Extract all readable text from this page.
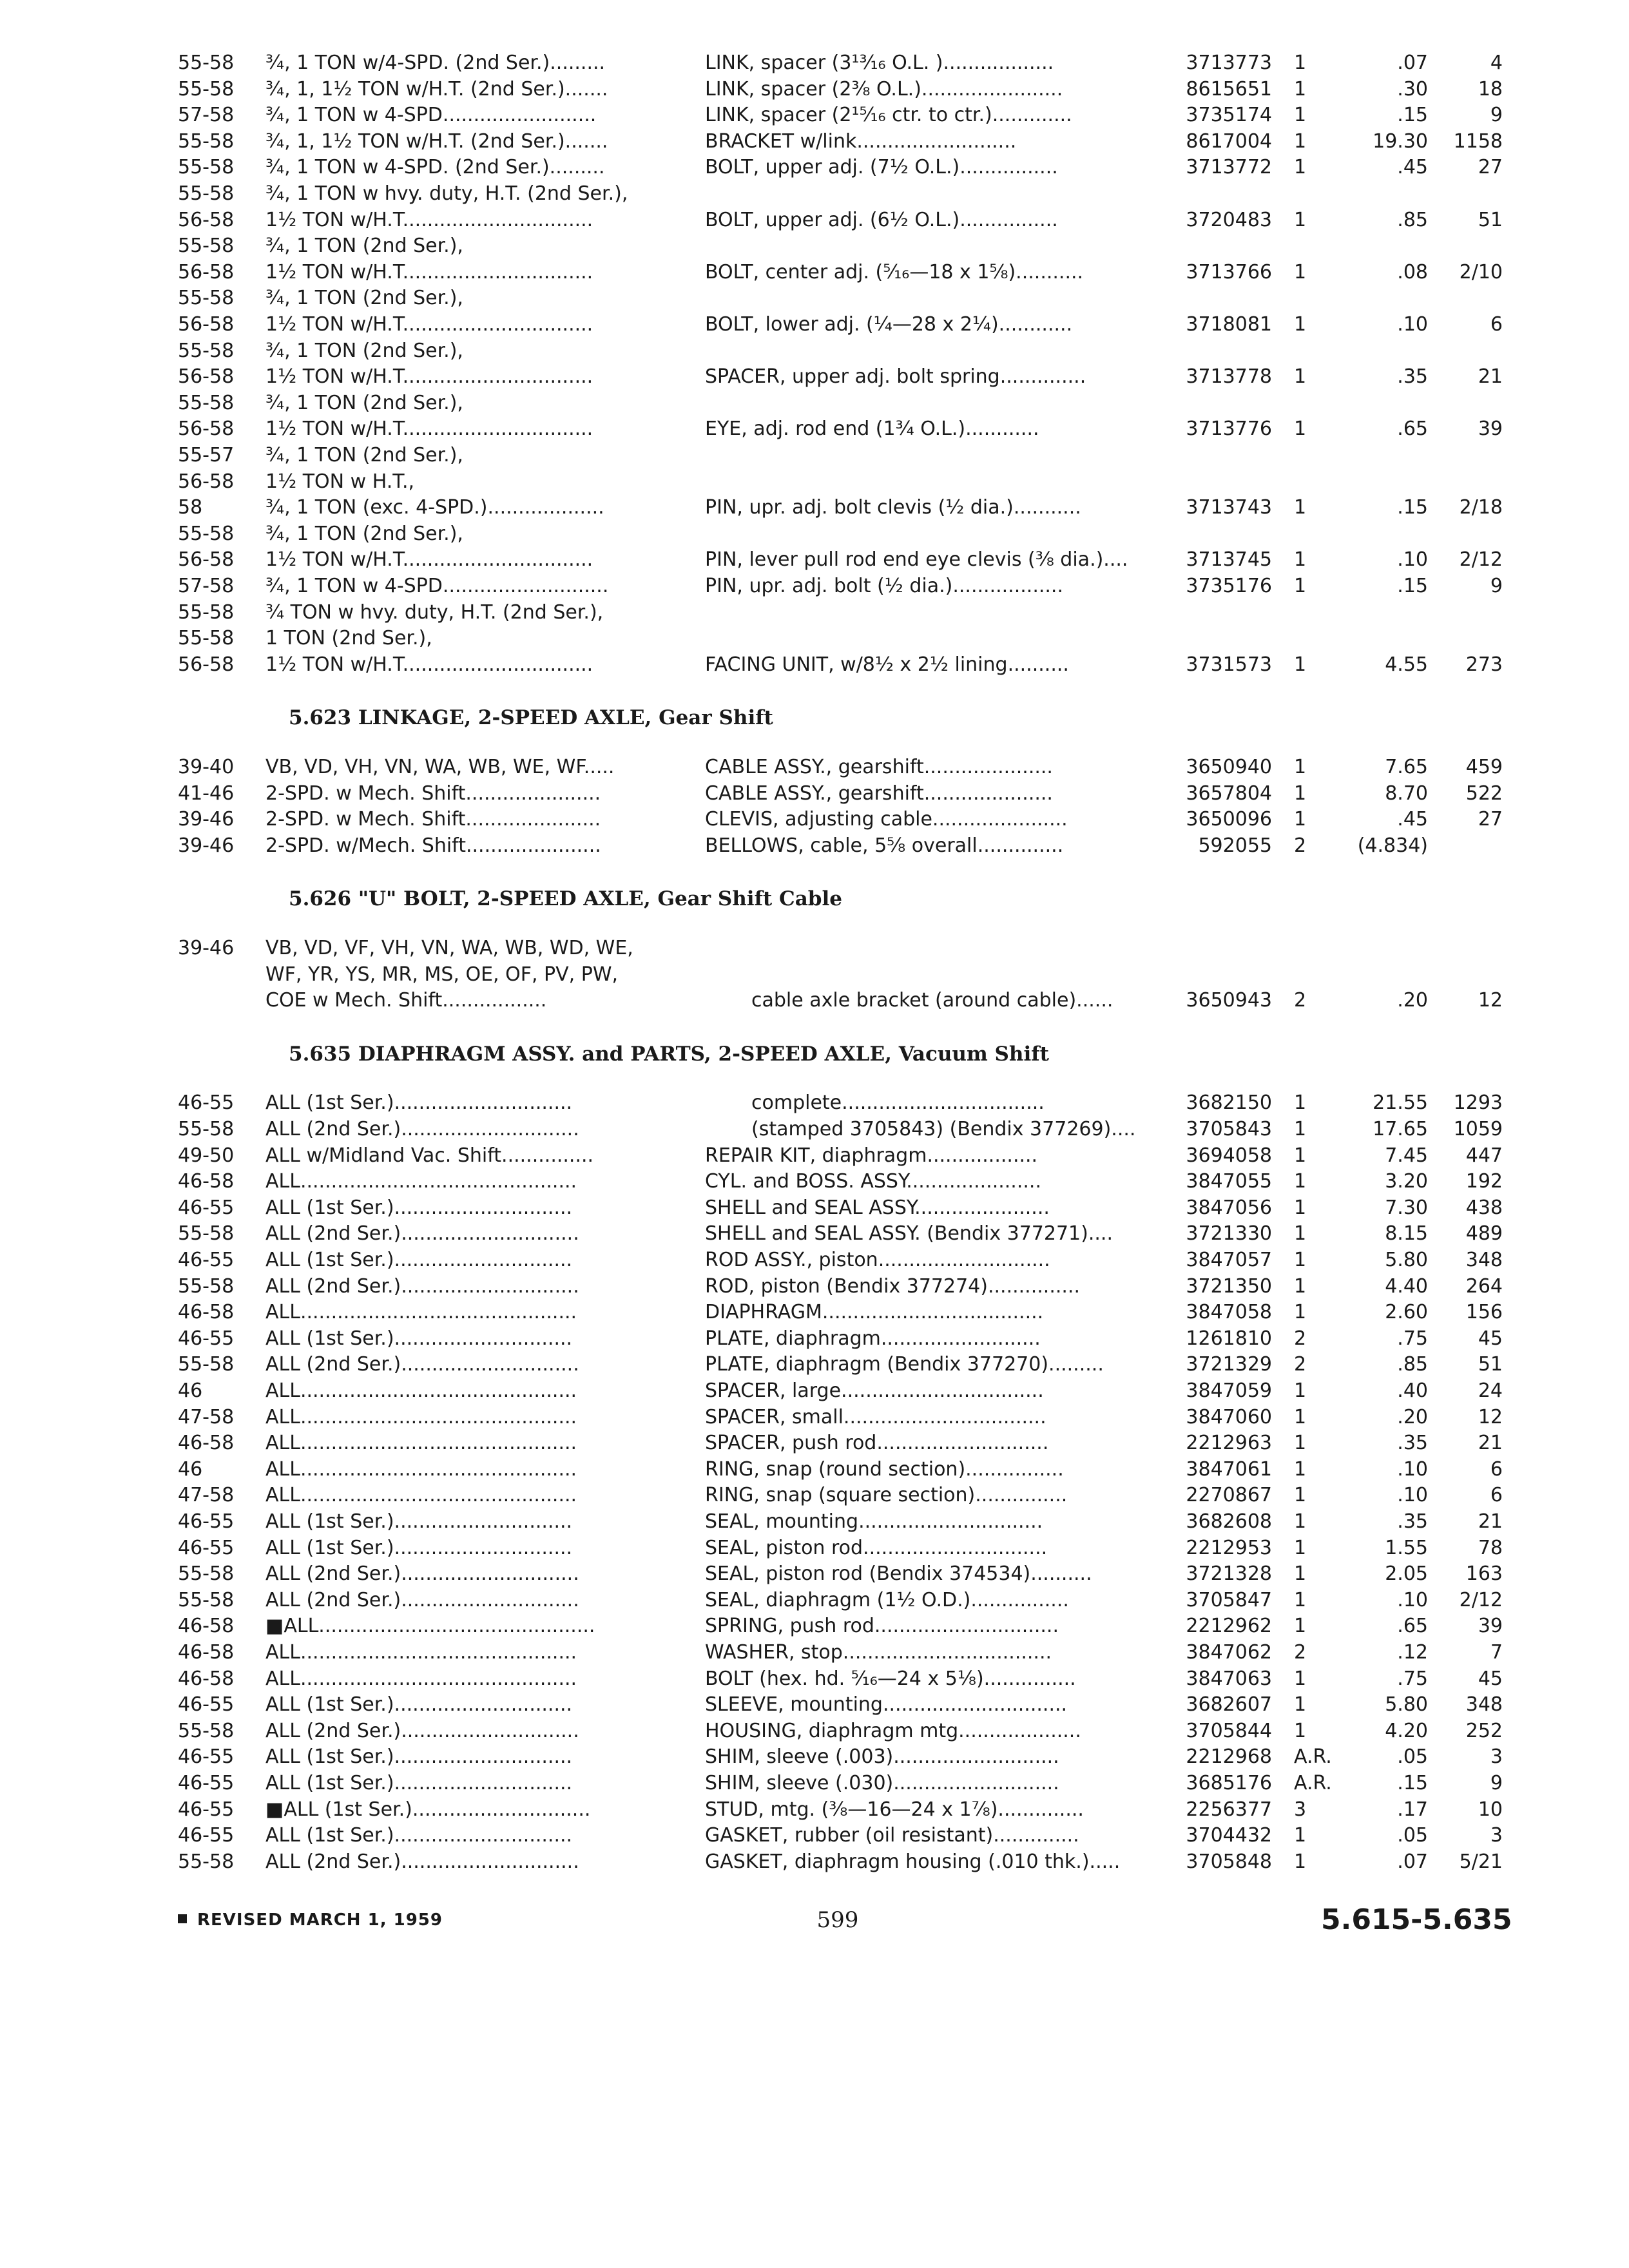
55-58	¾, 1 TON w/4-SPD. (2nd Ser.).........	LINK, spacer (3¹³⁄₁₆ O.L. )..................	3713773 1	.07	4
55-58	¾, 1, 1½ TON w/H.T. (2nd Ser.).......	LINK, spacer (2⅜ O.L.).......................	8615651 1	.30	18
57-58	¾, 1 TON w 4-SPD.........................	LINK, spacer (2¹⁵⁄₁₆ ctr. to ctr.).............	3735174 1	.15	9
55-58	¾, 1, 1½ TON w/H.T. (2nd Ser.).......	BRACKET w/link..........................	8617004 1	19.30	1158
55-58	¾, 1 TON w 4-SPD. (2nd Ser.).........	BOLT, upper adj. (7½ O.L.)................	3713772 1	.45	27
55-58	¾, 1 TON w hvy. duty, H.T. (2nd Ser.),
56-58	1½ TON w/H.T...............................	BOLT, upper adj. (6½ O.L.)................	3720483 1	.85	51
55-58	¾, 1 TON (2nd Ser.),
56-58	1½ TON w/H.T...............................	BOLT, center adj. (⁵⁄₁₆—18 x 1⁵⁄₈)...........	3713766 1	.08	2/10
55-58	¾, 1 TON (2nd Ser.),
56-58	1½ TON w/H.T...............................	BOLT, lower adj. (¼—28 x 2¼)............	3718081 1	.10	6
55-58	¾, 1 TON (2nd Ser.),
56-58	1½ TON w/H.T...............................	SPACER, upper adj. bolt spring..............	3713778 1	.35	21
55-58	¾, 1 TON (2nd Ser.),
56-58	1½ TON w/H.T...............................	EYE, adj. rod end (1¾ O.L.)............	3713776 1	.65	39
55-57	¾, 1 TON (2nd Ser.),
56-58	1½ TON w H.T.,
58	¾, 1 TON (exc. 4-SPD.)...................	PIN, upr. adj. bolt clevis (½ dia.)...........	3713743 1	.15	2/18
55-58	¾, 1 TON (2nd Ser.),
56-58	1½ TON w/H.T...............................	PIN, lever pull rod end eye clevis (⅜ dia.)....	3713745 1	.10	2/12
57-58	¾, 1 TON w 4-SPD...........................	PIN, upr. adj. bolt (½ dia.)..................	3735176 1	.15	9
55-58	¾ TON w hvy. duty, H.T. (2nd Ser.),
55-58	1 TON (2nd Ser.),
56-58	1½ TON w/H.T...............................	FACING UNIT, w/8½ x 2½ lining..........	3731573 1	4.55	273
5.623 LINKAGE, 2-SPEED AXLE, Gear Shift
39-40	VB, VD, VH, VN, WA, WB, WE, WF.....	CABLE ASSY., gearshift.....................	3650940 1	7.65	459
41-46	2-SPD. w Mech. Shift......................	CABLE ASSY., gearshift.....................	3657804 1	8.70	522
39-46	2-SPD. w Mech. Shift......................	CLEVIS, adjusting cable......................	3650096 1	.45	27
39-46	2-SPD. w/Mech. Shift......................	BELLOWS, cable, 5⅝ overall..............	592055 2	(4.834)
5.626 "U" BOLT, 2-SPEED AXLE, Gear Shift Cable
39-46	VB, VD, VF, VH, VN, WA, WB, WD, WE,
WF, YR, YS, MR, MS, OE, OF, PV, PW,
COE w Mech. Shift.................	cable axle bracket (around cable)......	3650943 2	.20	12
5.635 DIAPHRAGM ASSY. and PARTS, 2-SPEED AXLE, Vacuum Shift
46-55	ALL (1st Ser.).............................	complete.................................	3682150 1	21.55	1293
55-58	ALL (2nd Ser.).............................	(stamped 3705843) (Bendix 377269)....	3705843 1	17.65	1059
49-50	ALL w/Midland Vac. Shift...............	REPAIR KIT, diaphragm..................	3694058 1	7.45	447
46-58	ALL.............................................	CYL. and BOSS. ASSY......................	3847055 1	3.20	192
46-55	ALL (1st Ser.).............................	SHELL and SEAL ASSY......................	3847056 1	7.30	438
55-58	ALL (2nd Ser.).............................	SHELL and SEAL ASSY. (Bendix 377271)....	3721330 1	8.15	489
46-55	ALL (1st Ser.).............................	ROD ASSY., piston............................	3847057 1	5.80	348
55-58	ALL (2nd Ser.).............................	ROD, piston (Bendix 377274)...............	3721350 1	4.40	264
46-58	ALL.............................................	DIAPHRAGM....................................	3847058 1	2.60	156
46-55	ALL (1st Ser.).............................	PLATE, diaphragm..........................	1261810 2	.75	45
55-58	ALL (2nd Ser.).............................	PLATE, diaphragm (Bendix 377270).........	3721329 2	.85	51
46	ALL.............................................	SPACER, large.................................	3847059 1	.40	24
47-58	ALL.............................................	SPACER, small.................................	3847060 1	.20	12
46-58	ALL.............................................	SPACER, push rod............................	2212963 1	.35	21
46	ALL.............................................	RING, snap (round section)................	3847061 1	.10	6
47-58	ALL.............................................	RING, snap (square section)...............	2270867 1	.10	6
46-55	ALL (1st Ser.).............................	SEAL, mounting..............................	3682608 1	.35	21
46-55	ALL (1st Ser.).............................	SEAL, piston rod..............................	2212953 1	1.55	78
55-58	ALL (2nd Ser.).............................	SEAL, piston rod (Bendix 374534)..........	3721328 1	2.05	163
55-58	ALL (2nd Ser.).............................	SEAL, diaphragm (1½ O.D.)................	3705847 1	.10	2/12
46-58	■ALL.............................................	SPRING, push rod..............................	2212962 1	.65	39
46-58	ALL.............................................	WASHER, stop..................................	3847062 2	.12	7
46-58	ALL.............................................	BOLT (hex. hd. ⁵⁄₁₆—24 x 5⅛)...............	3847063 1	.75	45
46-55	ALL (1st Ser.).............................	SLEEVE, mounting..............................	3682607 1	5.80	348
55-58	ALL (2nd Ser.).............................	HOUSING, diaphragm mtg....................	3705844 1	4.20	252
46-55	ALL (1st Ser.).............................	SHIM, sleeve (.003)...........................	2212968 A.R.	.05	3
46-55	ALL (1st Ser.).............................	SHIM, sleeve (.030)...........................	3685176 A.R.	.15	9
46-55	■ALL (1st Ser.).............................	STUD, mtg. (⅜—16—24 x 1⅞)..............	2256377 3	.17	10
46-55	ALL (1st Ser.).............................	GASKET, rubber (oil resistant)..............	3704432 1	.05	3
55-58	ALL (2nd Ser.).............................	GASKET, diaphragm housing (.010 thk.).....	3705848 1	.07	5/21
REVISED MARCH 1, 1959	599	5.615-5.635
